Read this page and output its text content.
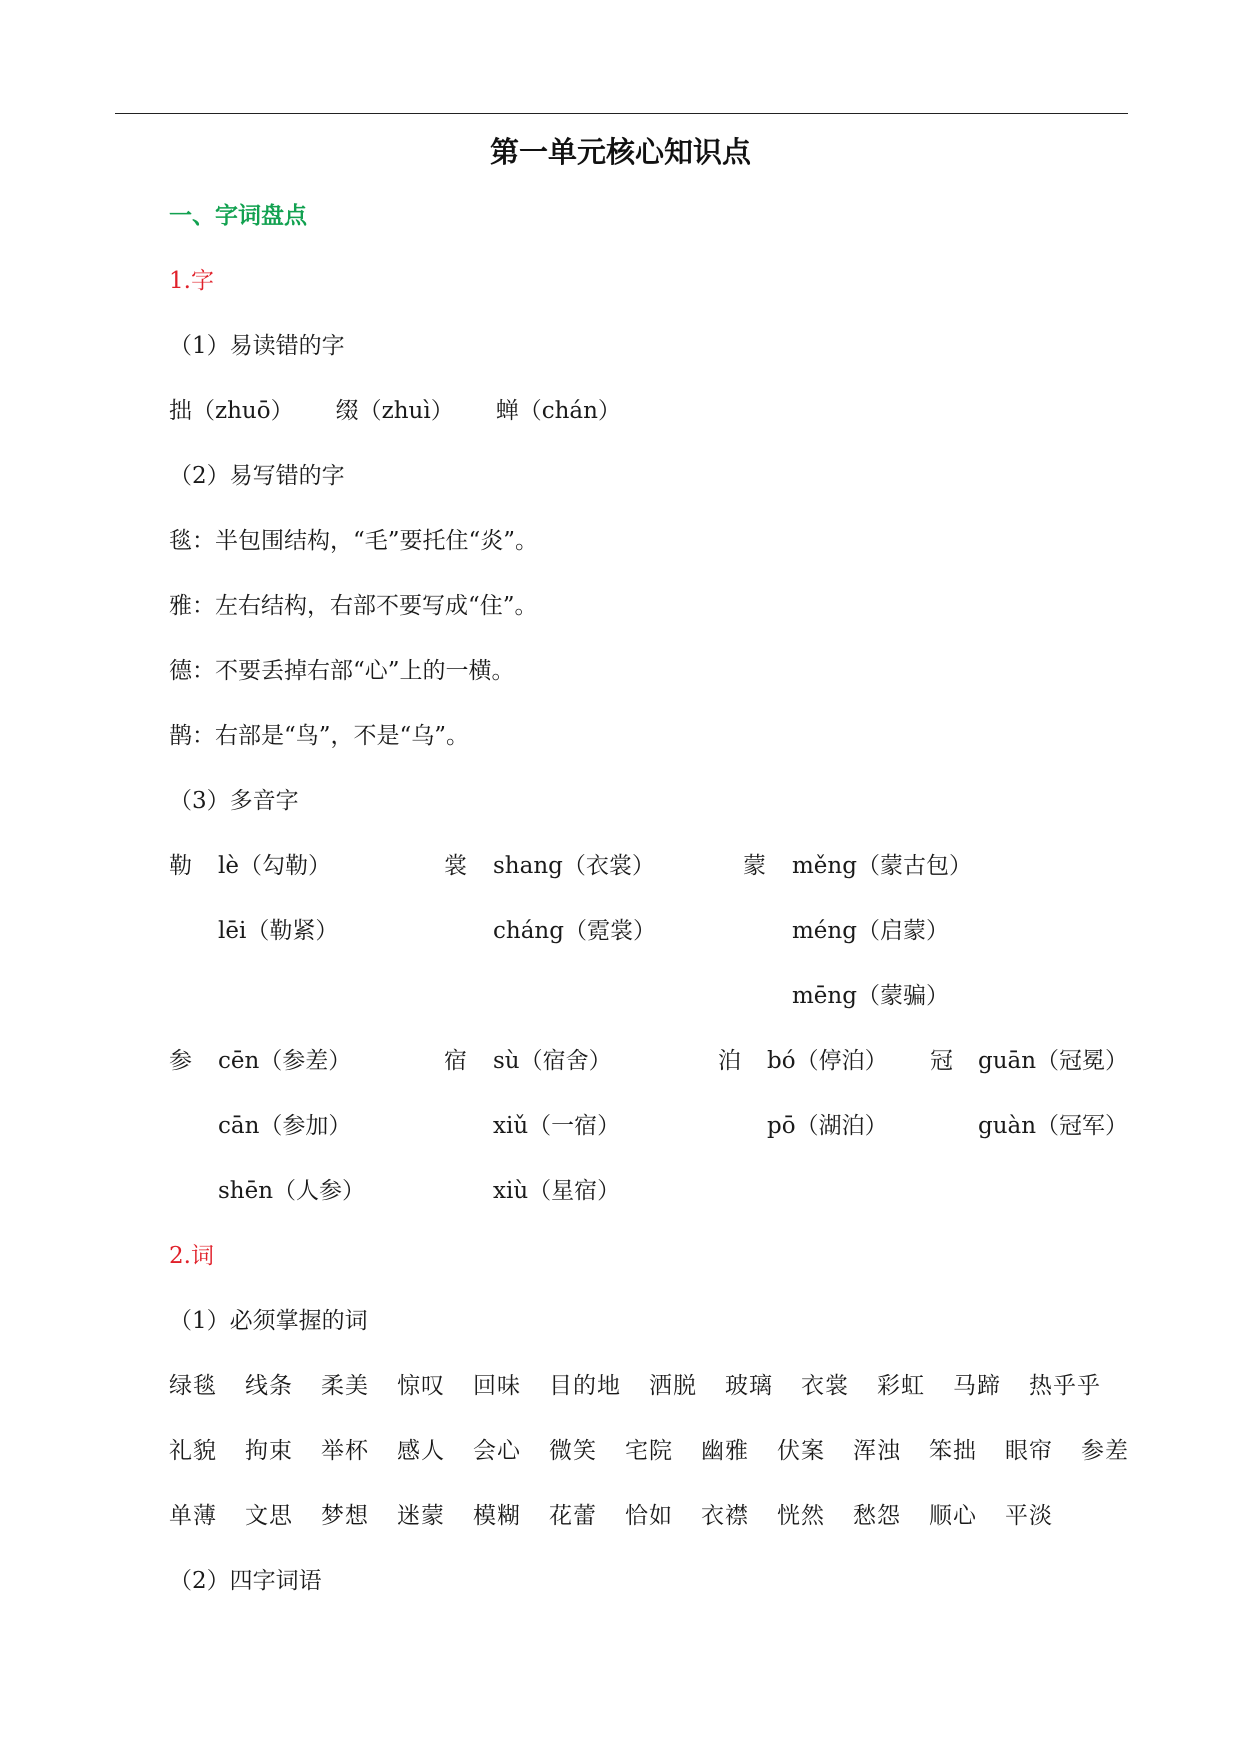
第一单元核心知识点
一、字词盘点
1.字
（1）易读错的字
拙（zhuō） 缀（zhuì） 蝉（chán）
（2）易写错的字
毯：半包围结构，“毛”要托住“炎”。
雅：左右结构，右部不要写成“住”。
德：不要丢掉右部“心”上的一横。
鹊：右部是“鸟”，不是“乌”。
（3）多音字
勒 lè（勾勒）
lēi（勒紧）
裳 shang（衣裳）
cháng（霓裳）
蒙 měng（蒙古包）
méng（启蒙）
mēng（蒙骗）
参 cēn（参差）
cān（参加）
shēn（人参）
宿 sù（宿舍）
xiǔ（一宿）
xiù（星宿）
泊 bó（停泊）
pō（湖泊）
冠 guān（冠冕）
guàn（冠军）
2.词
（1）必须掌握的词
绿毯 线条 柔美 惊叹 回味 目的地 洒脱 玻璃 衣裳 彩虹 马蹄 热乎乎
礼貌 拘束 举杯 感人 会心 微笑 宅院 幽雅 伏案 浑浊 笨拙 眼帘 参差
单薄 文思 梦想 迷蒙 模糊 花蕾 恰如 衣襟 恍然 愁怨 顺心 平淡
（2）四字词语
